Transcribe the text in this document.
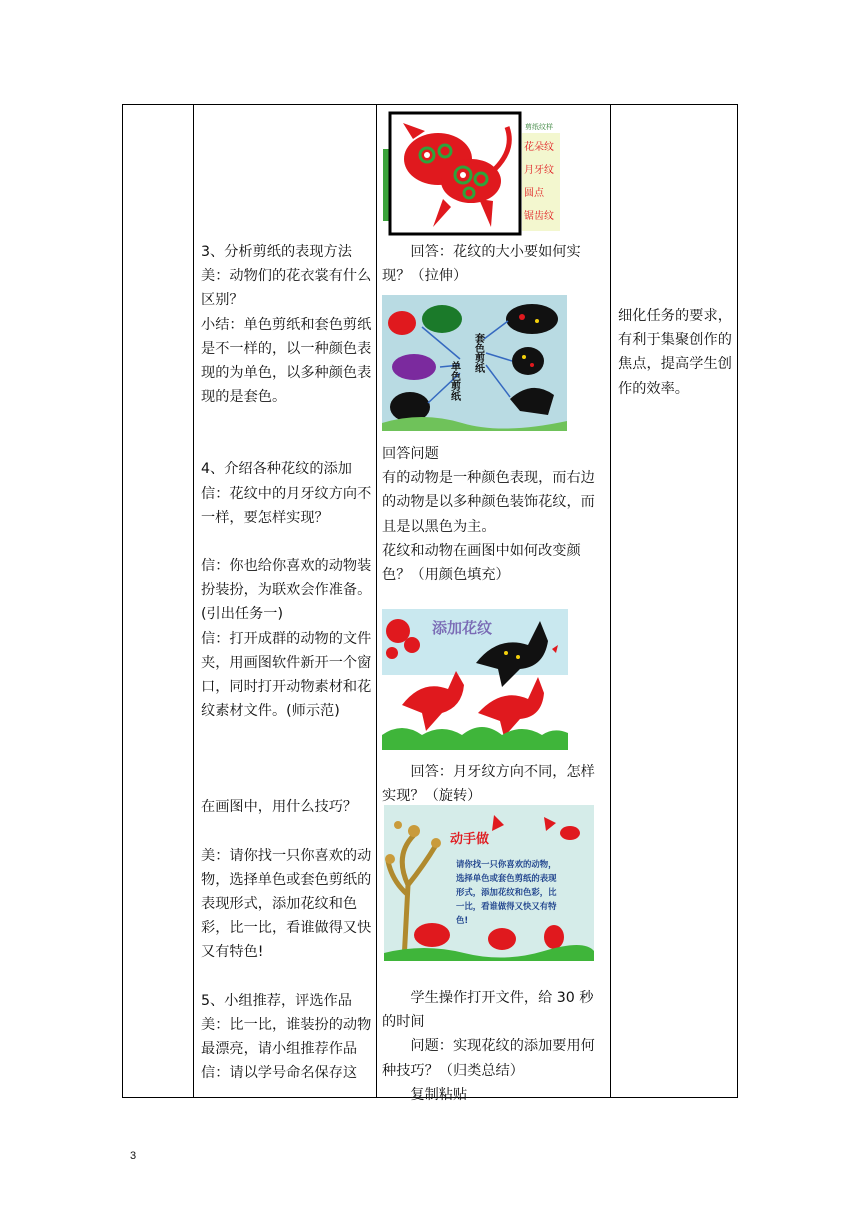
3、分析剪纸的表现方法

美：动物们的花衣裳有什么区别？

小结：单色剪纸和套色剪纸是不一样的，以一种颜色表现的为单色，以多种颜色表现的是套色。

4、介绍各种花纹的添加

信：花纹中的月牙纹方向不一样，要怎样实现？

信：你也给你喜欢的动物装扮装扮，为联欢会作准备。(引出任务一)

信：打开成群的动物的文件夹，用画图软件新开一个窗口，同时打开动物素材和花纹素材文件。(师示范)

在画图中，用什么技巧？

美：请你找一只你喜欢的动物，选择单色或套色剪纸的表现形式，添加花纹和色彩，比一比，看谁做得又快又有特色!

5、小组推荐，评选作品

美：比一比，谁装扮的动物最漂亮，请小组推荐作品

信：请以学号命名保存这

回答：花纹的大小要如何实现？（拉伸）

回答问题

有的动物是一种颜色表现，而右边的动物是以多种颜色装饰花纹，而且是以黑色为主。

花纹和动物在画图中如何改变颜色？（用颜色填充）

回答：月牙纹方向不同，怎样实现？（旋转）

学生操作打开文件，给 30 秒的时间

问题：实现花纹的添加要用何种技巧？（归类总结）

复制粘贴

细化任务的要求，有利于集聚创作的焦点，提高学生创作的效率。

剪纸纹样
花朵纹
月牙纹
圆点
锯齿纹
套色剪纸
单色剪纸
添加花纹
动手做
请你找一只你喜欢的动物，
选择单色或套色剪纸的表现
形式，添加花纹和色彩，比
一比，看谁做得又快又有特
色!
3
